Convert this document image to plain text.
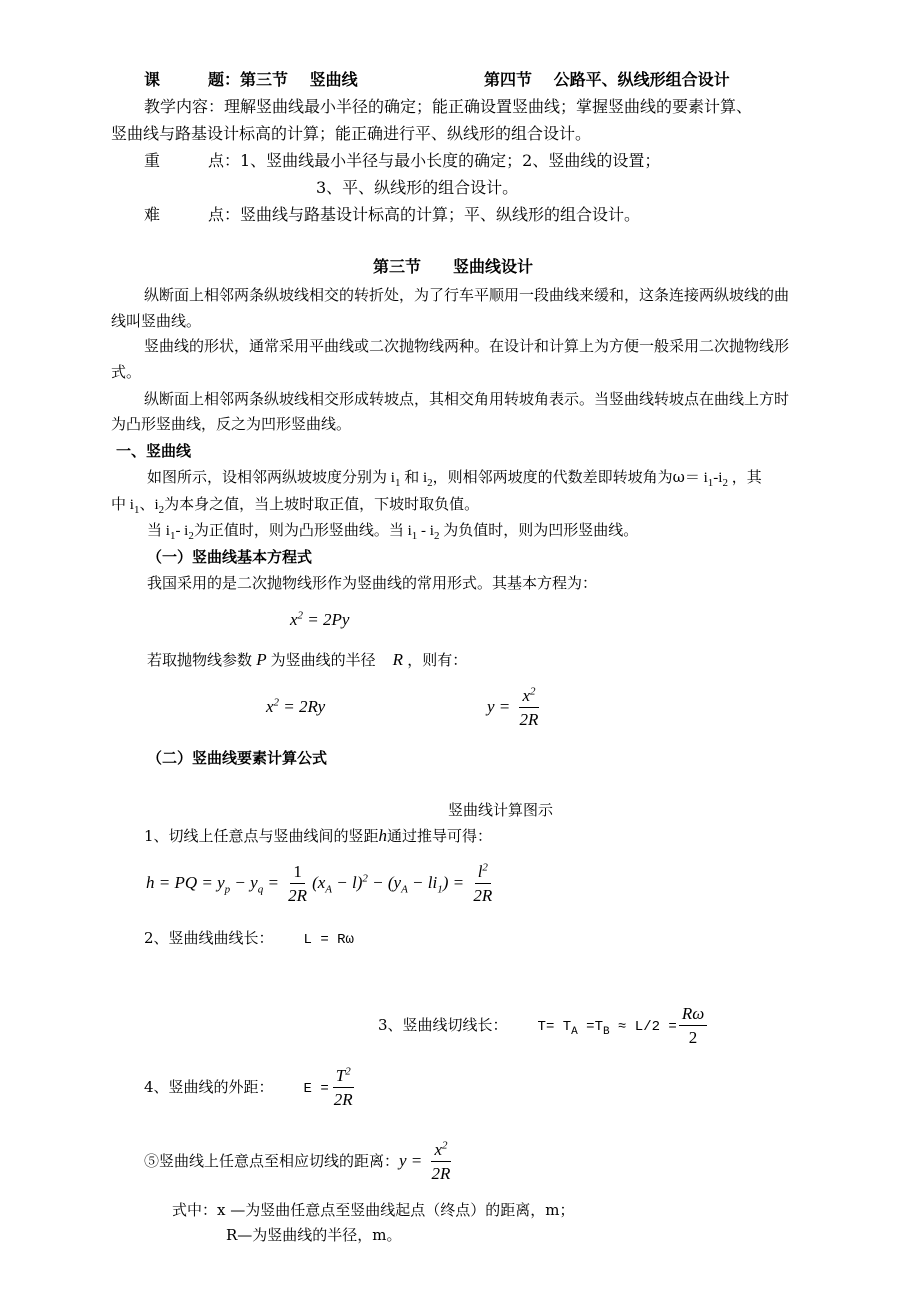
课　　　题：第三节　 竖曲线	第四节　 公路平、纵线形组合设计
教学内容：理解竖曲线最小半径的确定；能正确设置竖曲线；掌握竖曲线的要素计算、
竖曲线与路基设计标高的计算；能正确进行平、纵线形的组合设计。
重　　　点：1、竖曲线最小半径与最小长度的确定；2、竖曲线的设置；
3、平、纵线形的组合设计。
难　　　点：竖曲线与路基设计标高的计算；平、纵线形的组合设计。
第三节　　竖曲线设计
纵断面上相邻两条纵坡线相交的转折处，为了行车平顺用一段曲线来缓和，这条连接两纵坡线的曲
线叫竖曲线。
竖曲线的形状，通常采用平曲线或二次抛物线两种。在设计和计算上为方便一般采用二次抛物线形
式。
纵断面上相邻两条纵坡线相交形成转坡点，其相交角用转坡角表示。当竖曲线转坡点在曲线上方时
为凸形竖曲线，反之为凹形竖曲线。
一、竖曲线
如图所示，设相邻两纵坡坡度分别为 $i_1$ 和 $i_2$，则相邻两坡度的代数差即转坡角为$\omega= i_1-i_2$ ，其
中 $i_1$、$i_2$为本身之值，当上坡时取正值，下坡时取负值。
当 $i_1-$ $i_2$为正值时，则为凸形竖曲线。当 $i_1 - i_2$ 为负值时，则为凹形竖曲线。
（一）竖曲线基本方程式
我国采用的是二次抛物线形作为竖曲线的常用形式。其基本方程为：
$x^2 = 2Py$
若取抛物线参数 P 为竖曲线的半径　R ，则有：
$x^2 = 2Ry$	$y = \frac{x^2}{2R}$
（二）竖曲线要素计算公式
竖曲线计算图示
1、切线上任意点与竖曲线间的竖距h通过推导可得：
h = PQ = $y_p - y_q = \frac{1}{2R} (x_A - l)^2 - (y_A - li_1) = \frac{l^2}{2R}$
2、竖曲线曲线长： L = Rω
3、竖曲线切线长： $T= T_A =T_B \approx L/2 = \frac{R\omega}{2}$
4、竖曲线的外距： $E = \frac{T^2}{2R}$
⑤竖曲线上任意点至相应切线的距离：$y = \frac{x^2}{2R}$
式中：x —为竖曲任意点至竖曲线起点（终点）的距离，m；
R—为竖曲线的半径，m。
